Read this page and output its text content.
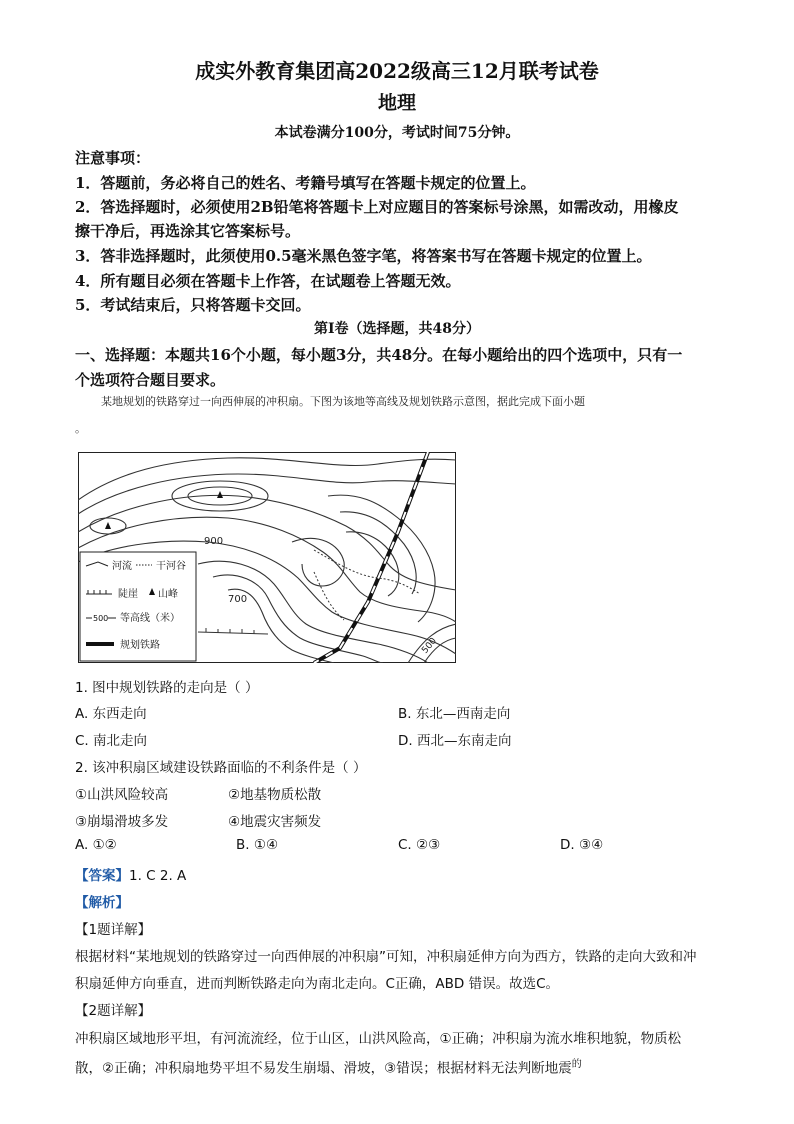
成实外教育集团高2022级高三12月联考试卷
地理
本试卷满分100分，考试时间75分钟。
注意事项：
1．答题前，务必将自己的姓名、考籍号填写在答题卡规定的位置上。
2．答选择题时，必须使用2B铅笔将答题卡上对应题目的答案标号涂黑，如需改动，用橡皮
擦干净后，再选涂其它答案标号。
3．答非选择题时，此须使用0.5毫米黑色签字笔，将答案书写在答题卡规定的位置上。
4．所有题目必须在答题卡上作答，在试题卷上答题无效。
5．考试结束后，只将答题卡交回。
第Ⅰ卷（选择题，共48分）
一、选择题：本题共16个小题，每小题3分，共48分。在每小题给出的四个选项中，只有一
个选项符合题目要求。
某地规划的铁路穿过一向西伸展的冲积扇。下图为该地等高线及规划铁路示意图，据此完成下面小题
。
900
700
500
河流 干河谷
陡崖 山峰
500 等高线（米）
规划铁路
1. 图中规划铁路的走向是（ ）
A. 东西走向	B. 东北—西南走向
C. 南北走向	D. 西北—东南走向
2. 该冲积扇区域建设铁路面临的不利条件是（ ）
①山洪风险较高	②地基物质松散
③崩塌滑坡多发	④地震灾害频发
A. ①②	B. ①④	C. ②③	D. ③④
【答案】1. C 2. A
【解析】
【1题详解】
根据材料“某地规划的铁路穿过一向西伸展的冲积扇”可知，冲积扇延伸方向为西方，铁路的走向大致和冲
积扇延伸方向垂直，进而判断铁路走向为南北走向。C正确，ABD 错误。故选C。
【2题详解】
冲积扇区域地形平坦，有河流流经，位于山区，山洪风险高，①正确；冲积扇为流水堆积地貌，物质松
散，②正确；冲积扇地势平坦不易发生崩塌、滑坡，③错误；根据材料无法判断地震$^的$
